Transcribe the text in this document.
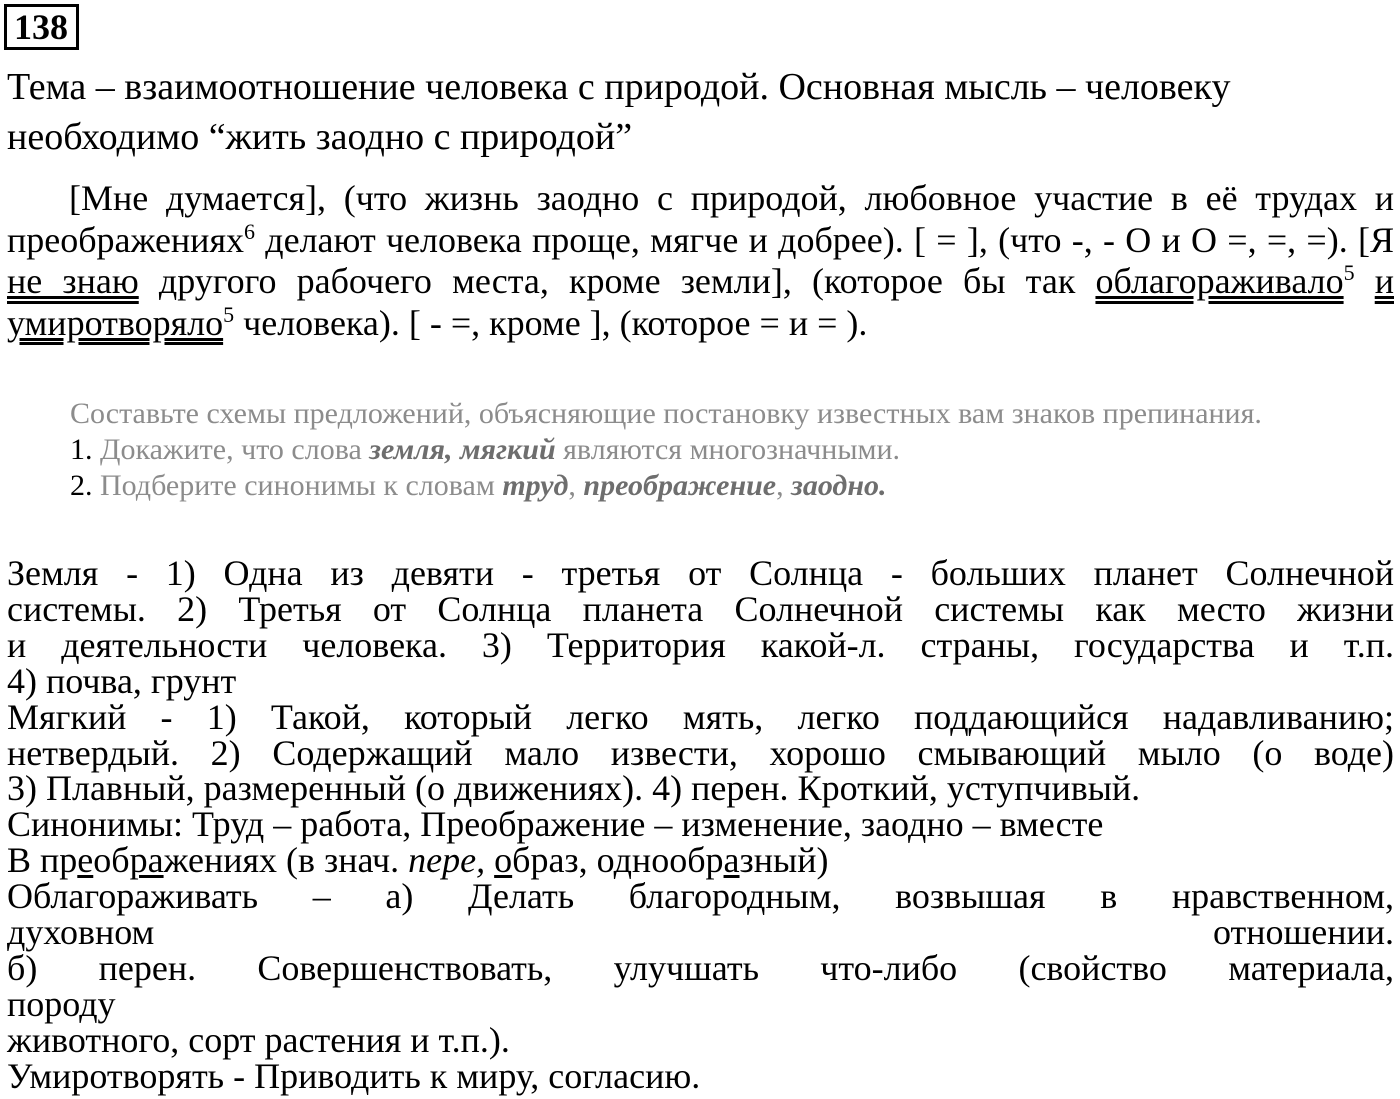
138
Тема – взаимоотношение человека с природой. Основная мысль – человеку необходимо “жить заодно с природой”

[Мне думается], (что жизнь заодно с природой, любовное участие в её трудах и преображениях$^6$ делают человека проще, мягче и добрее). [ = ], (что -, - О и О =, =, =). [Я не знаю другого рабочего места, кроме земли], (которое бы так облагораживало$^5$ и умиротворяло$^5$ человека). [ - =, кроме ], (которое = и = ).

Составьте схемы предложений, объясняющие постановку известных вам знаков препинания.
1. Докажите, что слова земля, мягкий являются многозначными.
2. Подберите синонимы к словам труд, преображение, заодно.
Земля - 1) Одна из девяти - третья от Солнца - больших планет Солнечной
системы. 2) Третья от Солнца планета Солнечной системы как место жизни
и деятельности человека. 3) Территория какой-л. страны, государства и т.п.
4) почва, грунт
Мягкий - 1) Такой, который легко мять, легко поддающийся надавливанию;
нетвердый. 2) Содержащий мало извести, хорошо смывающий мыло (о воде)
3) Плавный, размеренный (о движениях). 4) перен. Кроткий, уступчивый.
Синонимы: Труд – работа, Преображение – изменение, заодно – вместе
В преображениях (в знач. пере, образ, однообразный)
Облагораживать – а) Делать благородным, возвышая в нравственном,
духовном	отношении.
б) перен. Совершенствовать, улучшать что-либо (свойство материала,
породу
животного, сорт растения и т.п.).
Умиротворять - Приводить к миру, согласию.
